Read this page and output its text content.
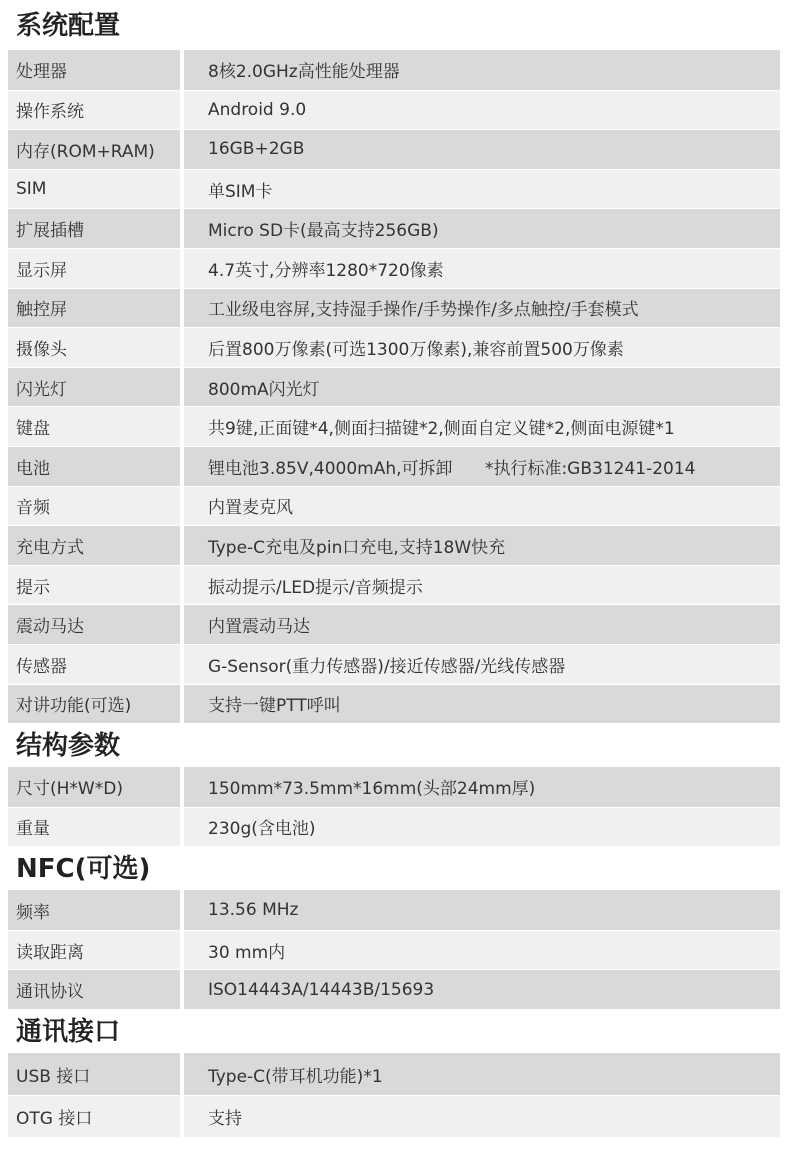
系统配置
处理器	8核2.0GHz高性能处理器
操作系统	Android 9.0
内存(ROM+RAM)	16GB+2GB
SIM	单SIM卡
扩展插槽	Micro SD卡(最高支持256GB)
显示屏	4.7英寸,分辨率1280*720像素
触控屏	工业级电容屏,支持湿手操作/手势操作/多点触控/手套模式
摄像头	后置800万像素(可选1300万像素),兼容前置500万像素
闪光灯	800mA闪光灯
键盘	共9键,正面键*4,侧面扫描键*2,侧面自定义键*2,侧面电源键*1
电池	锂电池3.85V,4000mAh,可拆卸      *执行标准:GB31241-2014
音频	内置麦克风
充电方式	Type-C充电及pin口充电,支持18W快充
提示	振动提示/LED提示/音频提示
震动马达	内置震动马达
传感器	G-Sensor(重力传感器)/接近传感器/光线传感器
对讲功能(可选)	支持一键PTT呼叫
结构参数
尺寸(H*W*D)	150mm*73.5mm*16mm(头部24mm厚)
重量	230g(含电池)
NFC(可选)
频率	13.56 MHz
读取距离	30 mm内
通讯协议	ISO14443A/14443B/15693
通讯接口
USB 接口	Type-C(带耳机功能)*1
OTG 接口	支持
